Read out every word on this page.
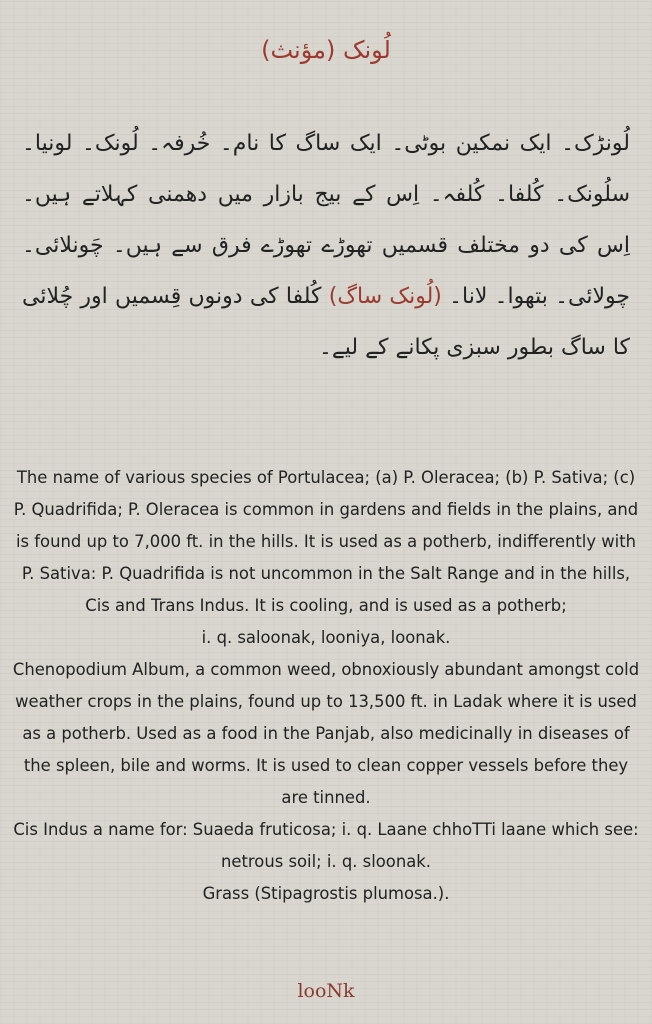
لُونک (مؤنث)
لُونڑک۔ ایک نمکین بوٹی۔ ایک ساگ کا نام۔ خُرفہ۔ لُونک۔ لونیا۔ سلُونک۔ کُلفا۔ کُلفہ۔ اِس کے بیج بازار میں دھمنی کہلاتے ہیں۔ اِس کی دو مختلف قسمیں تھوڑے تھوڑے فرق سے ہیں۔ چَونلائی۔ چولائی۔ بتھوا۔ لانا۔ (لُونک ساگ) کُلفا کی دونوں قِسمیں اور چُلائی کا ساگ بطور سبزی پکانے کے لیے۔

The name of various species of Portulacea; (a) P. Oleracea; (b) P. Sativa; (c) P. Quadrifida; P. Oleracea is common in gardens and fields in the plains, and is found up to 7,000 ft. in the hills. It is used as a potherb, indifferently with P. Sativa: P. Quadrifida is not uncommon in the Salt Range and in the hills, Cis and Trans Indus. It is cooling, and is used as a potherb;

i. q. saloonak, looniya, loonak.

Chenopodium Album, a common weed, obnoxiously abundant amongst cold weather crops in the plains, found up to 13,500 ft. in Ladak where it is used as a potherb. Used as a food in the Panjab, also medicinally in diseases of the spleen, bile and worms. It is used to clean copper vessels before they are tinned.

Cis Indus a name for: Suaeda fruticosa; i. q. Laane chhoTTi laane which see: netrous soil; i. q. sloonak.

Grass (Stipagrostis plumosa.).

looNk
